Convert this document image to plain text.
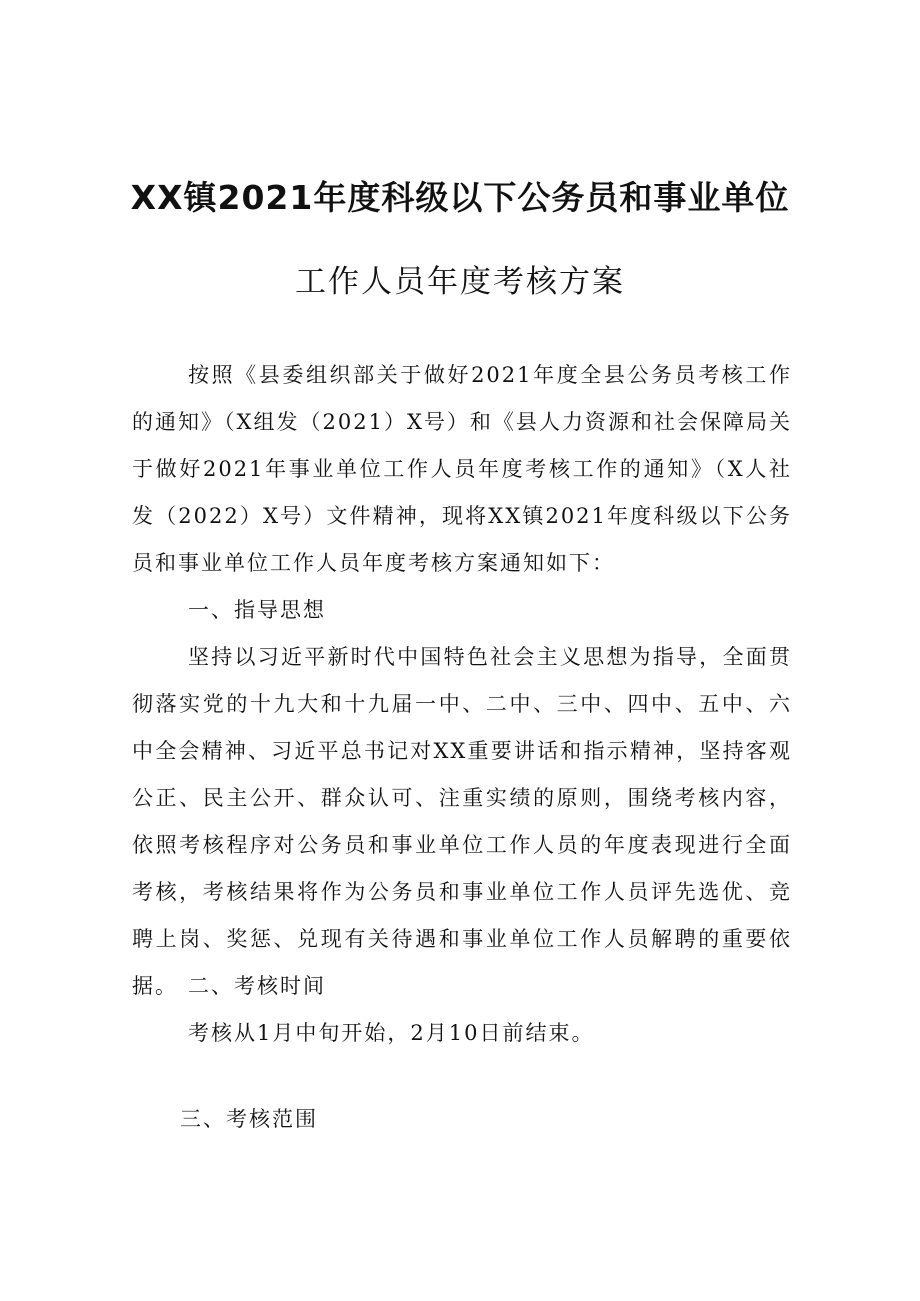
XX镇2021年度科级以下公务员和事业单位
工作人员年度考核方案
按照《县委组织部关于做好2021年度全县公务员考核工作的通知》（X组发（2021）X号）和《县人力资源和社会保障局关于做好2021年事业单位工作人员年度考核工作的通知》（X人社发（2022）X号）文件精神，现将XX镇2021年度科级以下公务员和事业单位工作人员年度考核方案通知如下：
一、指导思想
坚持以习近平新时代中国特色社会主义思想为指导，全面贯彻落实党的十九大和十九届一中、二中、三中、四中、五中、六中全会精神、习近平总书记对XX重要讲话和指示精神，坚持客观公正、民主公开、群众认可、注重实绩的原则，围绕考核内容，依照考核程序对公务员和事业单位工作人员的年度表现进行全面考核，考核结果将作为公务员和事业单位工作人员评先选优、竞聘上岗、奖惩、兑现有关待遇和事业单位工作人员解聘的重要依据。 二、考核时间
考核从1月中旬开始，2月10日前结束。
三、考核范围
